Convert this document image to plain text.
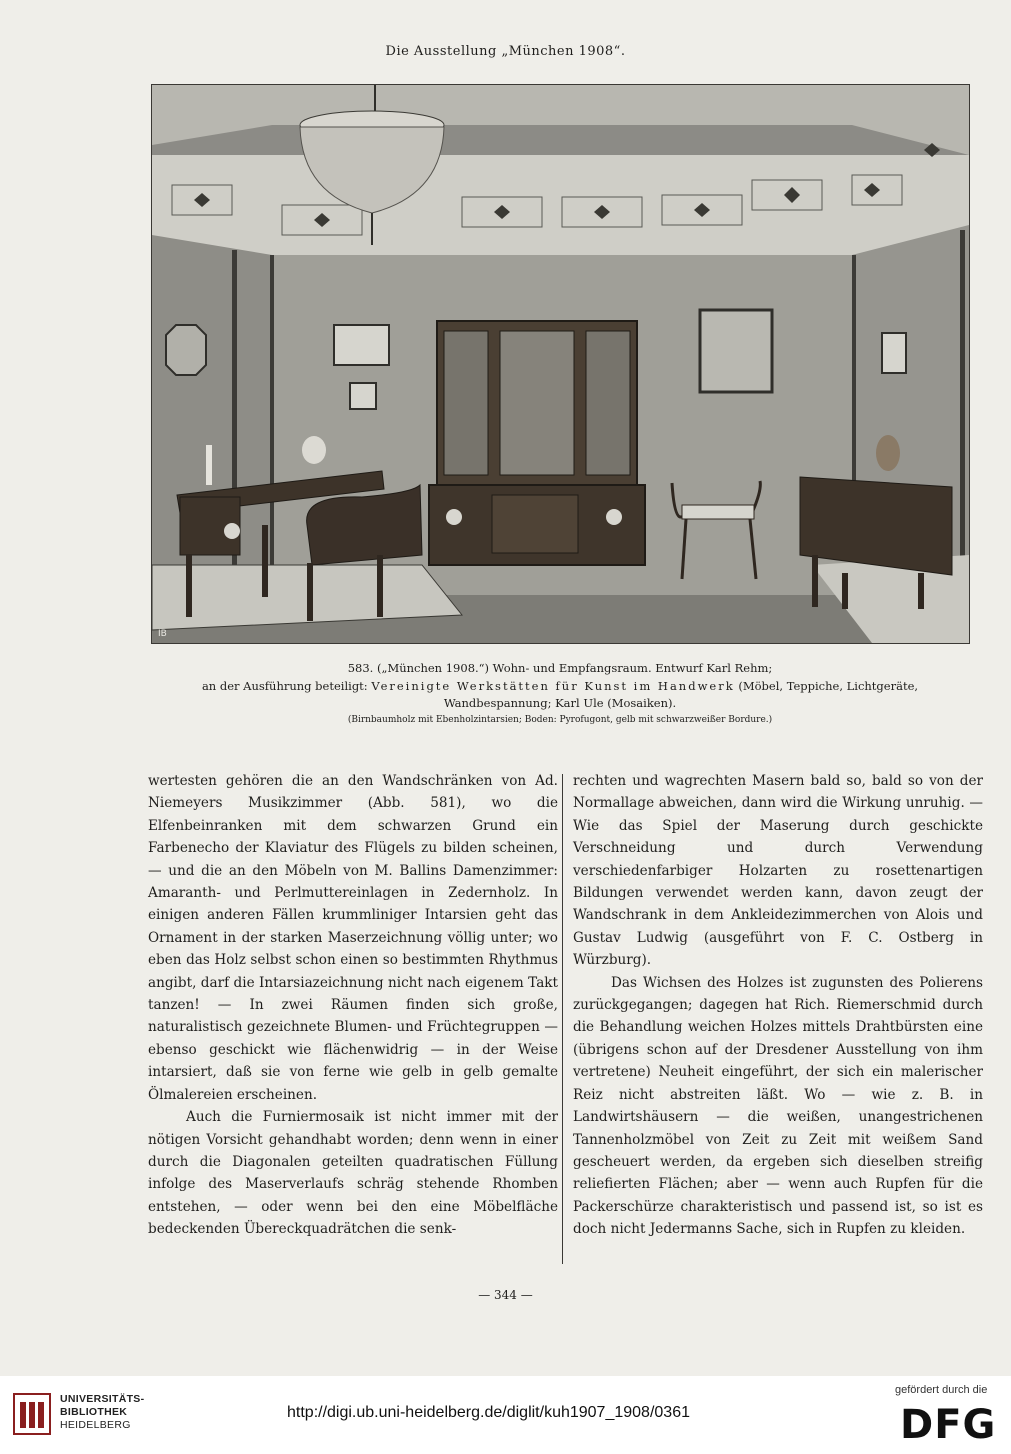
Die Ausstellung „München 1908“.
IB
583. („München 1908.“) Wohn- und Empfangsraum. Entwurf Karl Rehm;
an der Ausführung beteiligt: Vereinigte Werkstätten für Kunst im Handwerk (Möbel, Teppiche, Lichtgeräte,
Wandbespannung; Karl Ule (Mosaiken).
(Birnbaumholz mit Ebenholzintarsien; Boden: Pyrofugont, gelb mit schwarzweißer Bordure.)

wertesten gehören die an den Wandschränken von Ad. Niemeyers Musikzimmer (Abb. 581), wo die Elfenbeinranken mit dem schwarzen Grund ein Farbenecho der Klaviatur des Flügels zu bilden scheinen, — und die an den Möbeln von M. Ballins Damenzimmer: Amaranth- und Perlmuttereinlagen in Zedernholz. In einigen anderen Fällen krummliniger Intarsien geht das Ornament in der starken Maserzeichnung völlig unter; wo eben das Holz selbst schon einen so bestimmten Rhythmus angibt, darf die Intarsiazeichnung nicht nach eigenem Takt tanzen! — In zwei Räumen finden sich große, naturalistisch gezeichnete Blumen- und Früchtegruppen — ebenso geschickt wie flächenwidrig — in der Weise intarsiert, daß sie von ferne wie gelb in gelb gemalte Ölmalereien erscheinen.

Auch die Furniermosaik ist nicht immer mit der nötigen Vorsicht gehandhabt worden; denn wenn in einer durch die Diagonalen geteilten quadratischen Füllung infolge des Maserverlaufs schräg stehende Rhomben entstehen, — oder wenn bei den eine Möbelfläche bedeckenden Übereckquadrätchen die senk-

rechten und wagrechten Masern bald so, bald so von der Normallage abweichen, dann wird die Wirkung unruhig. — Wie das Spiel der Maserung durch geschickte Verschneidung und durch Verwendung verschiedenfarbiger Holzarten zu rosettenartigen Bildungen verwendet werden kann, davon zeugt der Wandschrank in dem Ankleidezimmerchen von Alois und Gustav Ludwig (ausgeführt von F. C. Ostberg in Würzburg).

Das Wichsen des Holzes ist zugunsten des Polierens zurückgegangen; dagegen hat Rich. Riemerschmid durch die Behandlung weichen Holzes mittels Drahtbürsten eine (übrigens schon auf der Dresdener Ausstellung von ihm vertretene) Neuheit eingeführt, der sich ein malerischer Reiz nicht abstreiten läßt. Wo — wie z. B. in Landwirtshäusern — die weißen, unangestrichenen Tannenholzmöbel von Zeit zu Zeit mit weißem Sand gescheuert werden, da ergeben sich dieselben streifig reliefierten Flächen; aber — wenn auch Rupfen für die Packerschürze charakteristisch und passend ist, so ist es doch nicht Jedermanns Sache, sich in Rupfen zu kleiden.

— 344 —
UNIVERSITÄTS-
BIBLIOTHEK
HEIDELBERG
http://digi.ub.uni-heidelberg.de/diglit/kuh1907_1908/0361
gefördert durch die
DFG
